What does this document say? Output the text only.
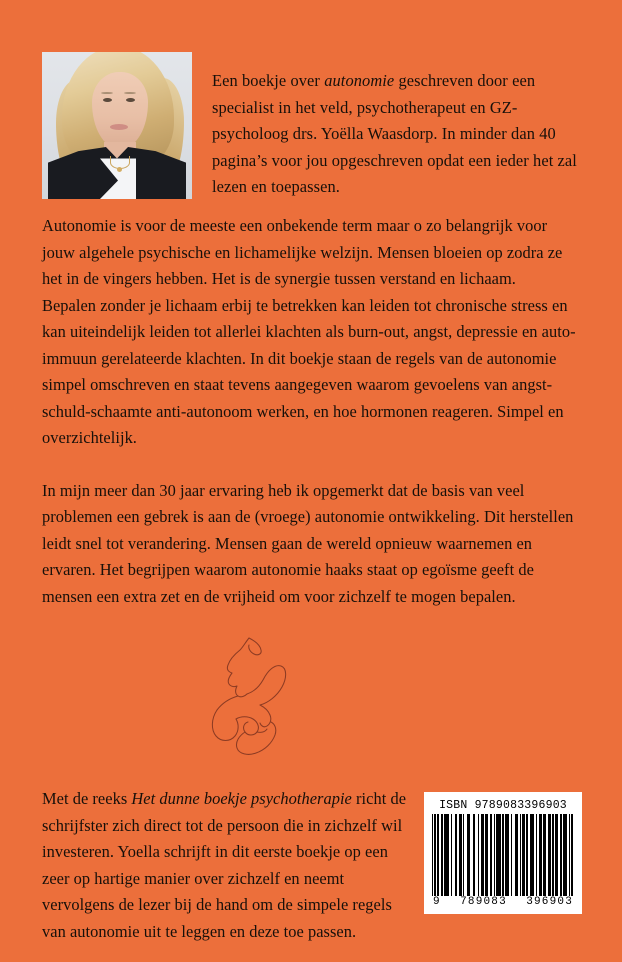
Een boekje over autonomie geschreven door een specialist in het veld, psychotherapeut en GZ-psycholoog drs. Yoëlla Waasdorp. In minder dan 40 pagina’s voor jou opgeschreven opdat een ieder het zal lezen en toepassen.

Autonomie is voor de meeste een onbekende term maar o zo belangrijk voor jouw algehele psychische en lichamelijke welzijn. Mensen bloeien op zodra ze het in de vingers hebben. Het is de synergie tussen verstand en lichaam.

Bepalen zonder je lichaam erbij te betrekken kan leiden tot chronische stress en kan uiteindelijk leiden tot allerlei klachten als burn-out, angst, depressie en auto-immuun gerelateerde klachten. In dit boekje staan de regels van de autonomie simpel omschreven en staat tevens aangegeven waarom gevoelens van angst-schuld-schaamte anti-autonoom werken, en hoe hormonen reageren. Simpel en overzichtelijk.

In mijn meer dan 30 jaar ervaring heb ik opgemerkt dat de basis van veel problemen een gebrek is aan de (vroege) autonomie ontwikkeling. Dit herstellen leidt snel tot verandering. Mensen gaan de wereld opnieuw waarnemen en ervaren. Het begrijpen waarom autonomie haaks staat op egoïsme geeft de mensen een extra zet en de vrijheid om voor zichzelf te mogen bepalen.

Met de reeks Het dunne boekje psychotherapie richt de schrijfster zich direct tot de persoon die in zichzelf wil investeren. Yoella schrijft in dit eerste boekje op een zeer op hartige manier over zichzelf en neemt vervolgens de lezer bij de hand om de simpele regels van autonomie uit te leggen en deze toe passen.

ISBN 9789083396903
9 789083 396903
